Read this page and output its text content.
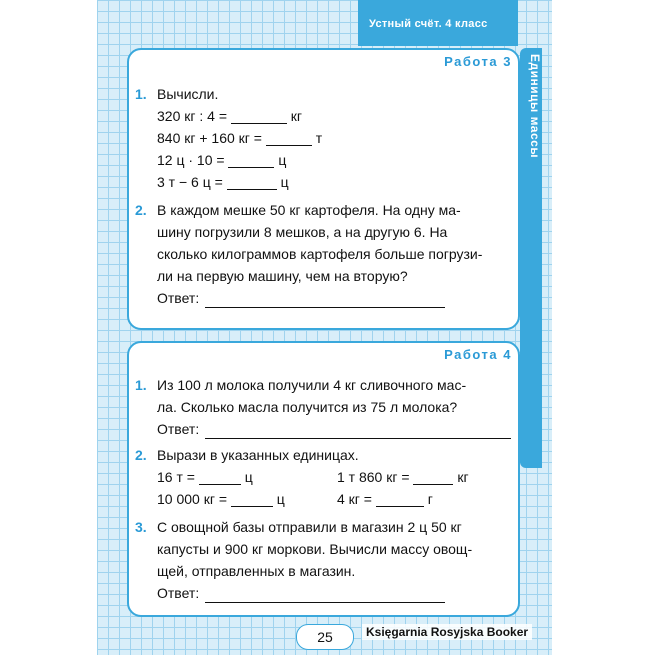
Устный счёт. 4 класс
Единицы массы
Работа 3
1. Вычисли.
320 кг : 4 =	кг
840 кг + 160 кг =	т
12 ц · 10 =	ц
3 т − 6 ц =	ц
2. В каждом мешке 50 кг картофеля. На одну ма-
шину погрузили 8 мешков, а на другую 6. На
сколько килограммов картофеля больше погрузи-
ли на первую машину, чем на вторую?
Ответ:
Работа 4
1. Из 100 л молока получили 4 кг сливочного мас-
ла. Сколько масла получится из 75 л молока?
Ответ:
2. Вырази в указанных единицах.
16 т =	ц	1 т 860 кг =	кг
10 000 кг =	ц	4 кг =	г
3. С овощной базы отправили в магазин 2 ц 50 кг
капусты и 900 кг моркови. Вычисли массу овощ-
щей, отправленных в магазин.
Ответ:
25	Księgarnia Rosyjska Booker
